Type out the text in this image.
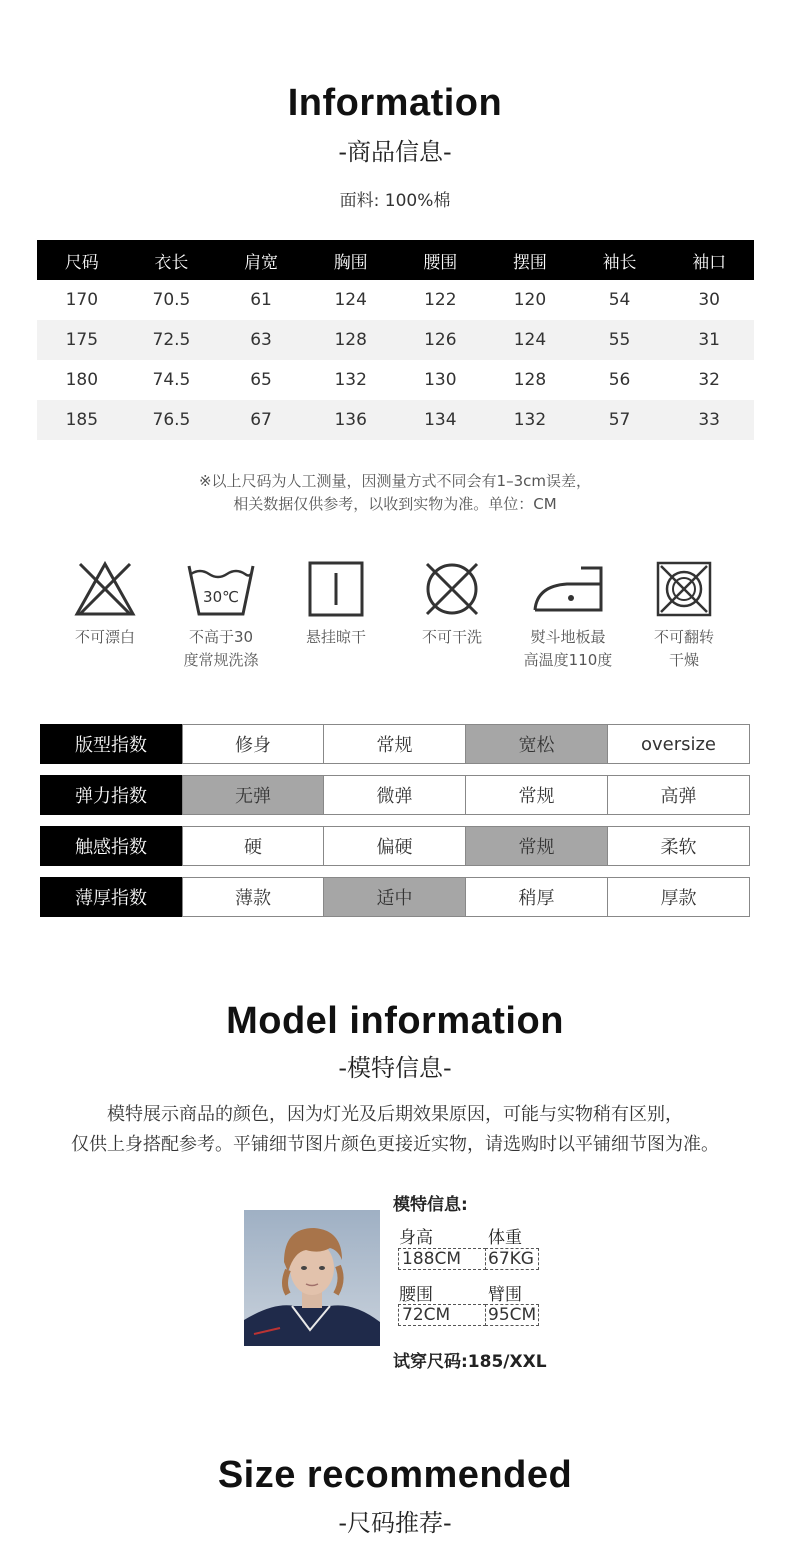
Information
-商品信息-
面料: 100%棉
尺码	衣长	肩宽	胸围	腰围	摆围	袖长	袖口
170	70.5	61	124	122	120	54	30
175	72.5	63	128	126	124	55	31
180	74.5	65	132	130	128	56	32
185	76.5	67	136	134	132	57	33
※以上尺码为人工测量，因测量方式不同会有1–3cm误差，
相关数据仅供参考，以收到实物为准。单位：CM
不可漂白
30℃
不高于30
度常规洗涤
悬挂晾干	不可干洗	熨斗地板最
高温度110度
不可翻转
干燥
版型指数	修身	常规	宽松	oversize
弹力指数	无弹	微弹	常规	高弹
触感指数	硬	偏硬	常规	柔软
薄厚指数	薄款	适中	稍厚	厚款
Model information
-模特信息-
模特展示商品的颜色，因为灯光及后期效果原因，可能与实物稍有区别，
仅供上身搭配参考。平铺细节图片颜色更接近实物，请选购时以平铺细节图为准。
模特信息:
身高	体重
188CM 67KG
腰围	臂围
72CM 95CM
试穿尺码:185/XXL
Size recommended
-尺码推荐-
